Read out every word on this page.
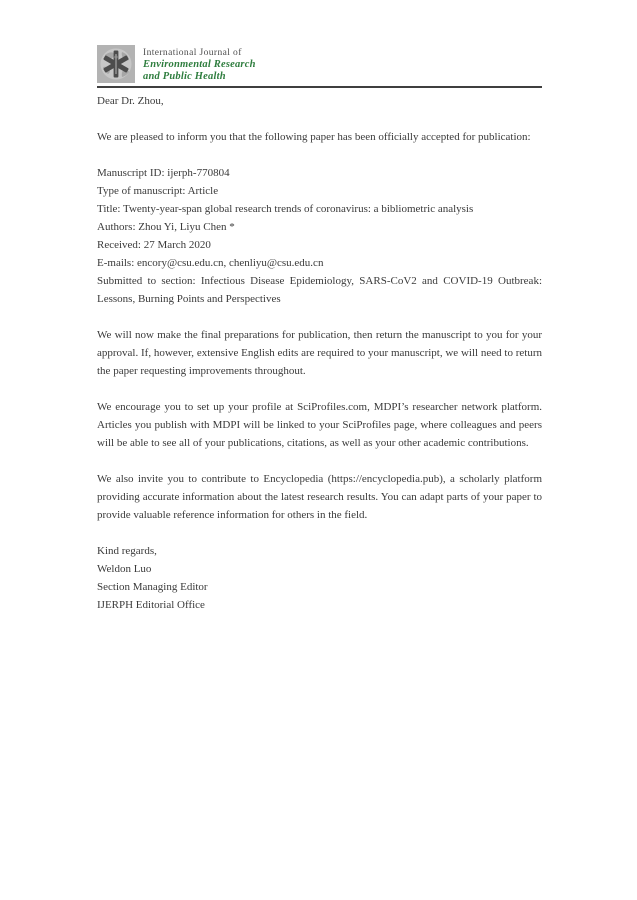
International Journal of
Environmental Research
and Public Health
Dear Dr. Zhou,
We are pleased to inform you that the following paper has been officially accepted for publication:
Manuscript ID: ijerph-770804
Type of manuscript: Article
Title: Twenty-year-span global research trends of coronavirus: a bibliometric analysis
Authors: Zhou Yi, Liyu Chen *
Received: 27 March 2020
E-mails: encory@csu.edu.cn, chenliyu@csu.edu.cn
Submitted to section: Infectious Disease Epidemiology, SARS-CoV2 and COVID-19 Outbreak: Lessons, Burning Points and Perspectives
We will now make the final preparations for publication, then return the manuscript to you for your approval. If, however, extensive English edits are required to your manuscript, we will need to return the paper requesting improvements throughout.
We encourage you to set up your profile at SciProfiles.com, MDPI’s researcher network platform. Articles you publish with MDPI will be linked to your SciProfiles page, where colleagues and peers will be able to see all of your publications, citations, as well as your other academic contributions.
We also invite you to contribute to Encyclopedia (https://encyclopedia.pub), a scholarly platform providing accurate information about the latest research results. You can adapt parts of your paper to provide valuable reference information for others in the field.
Kind regards,
Weldon Luo
Section Managing Editor
IJERPH Editorial Office
